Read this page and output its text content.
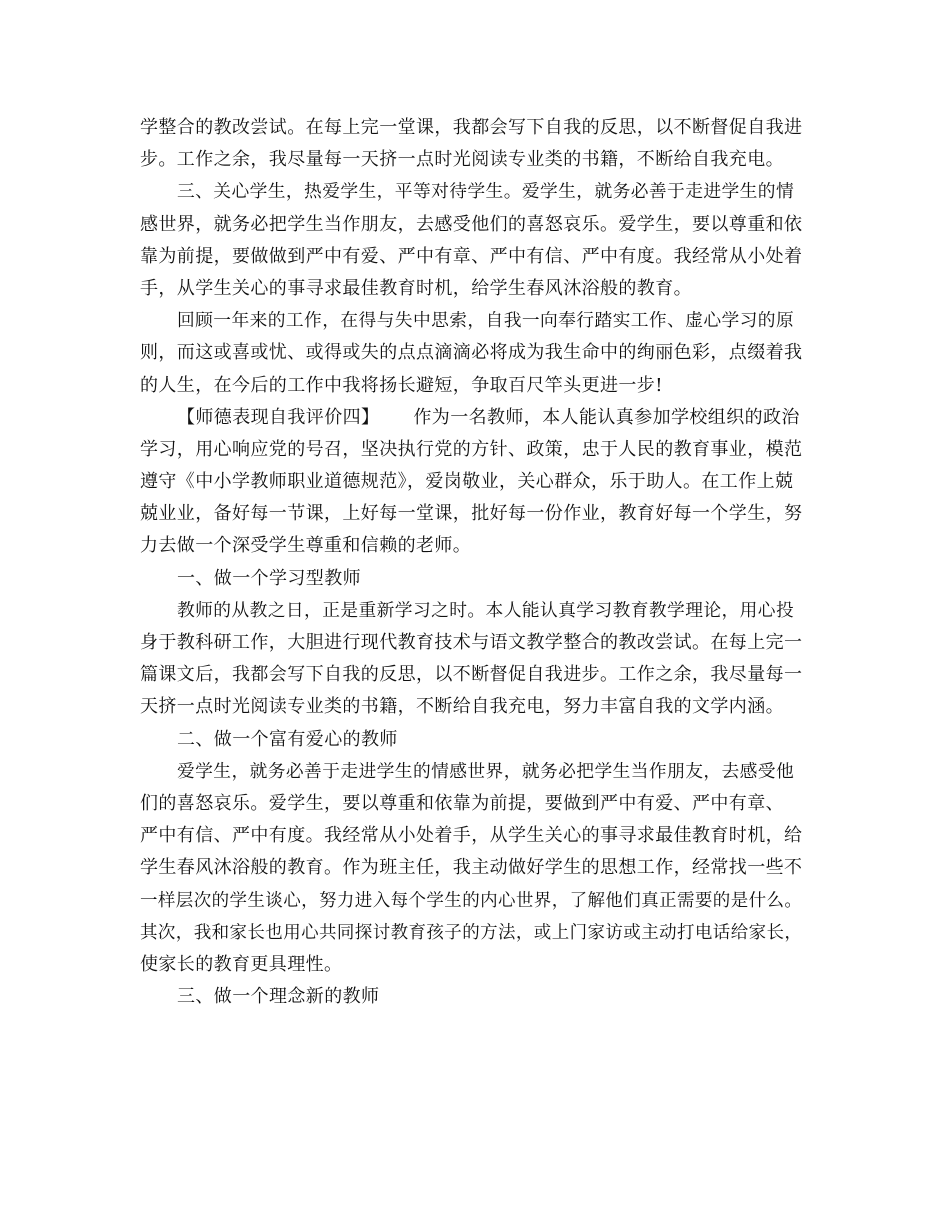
学整合的教改尝试。在每上完一堂课，我都会写下自我的反思，以不断督促自我进
步。工作之余，我尽量每一天挤一点时光阅读专业类的书籍，不断给自我充电。
三、关心学生，热爱学生，平等对待学生。爱学生，就务必善于走进学生的情
感世界，就务必把学生当作朋友，去感受他们的喜怒哀乐。爱学生，要以尊重和依
靠为前提，要做做到严中有爱、严中有章、严中有信、严中有度。我经常从小处着
手，从学生关心的事寻求最佳教育时机，给学生春风沐浴般的教育。
回顾一年来的工作，在得与失中思索，自我一向奉行踏实工作、虚心学习的原
则，而这或喜或忧、或得或失的点点滴滴必将成为我生命中的绚丽色彩，点缀着我
的人生，在今后的工作中我将扬长避短，争取百尺竿头更进一步!
【师德表现自我评价四】 作为一名教师，本人能认真参加学校组织的政治
学习，用心响应党的号召，坚决执行党的方针、政策，忠于人民的教育事业，模范
遵守《中小学教师职业道德规范》，爱岗敬业，关心群众，乐于助人。在工作上兢
兢业业，备好每一节课，上好每一堂课，批好每一份作业，教育好每一个学生，努
力去做一个深受学生尊重和信赖的老师。
一、做一个学习型教师
教师的从教之日，正是重新学习之时。本人能认真学习教育教学理论，用心投
身于教科研工作，大胆进行现代教育技术与语文教学整合的教改尝试。在每上完一
篇课文后，我都会写下自我的反思，以不断督促自我进步。工作之余，我尽量每一
天挤一点时光阅读专业类的书籍，不断给自我充电，努力丰富自我的文学内涵。
二、做一个富有爱心的教师
爱学生，就务必善于走进学生的情感世界，就务必把学生当作朋友，去感受他
们的喜怒哀乐。爱学生，要以尊重和依靠为前提，要做到严中有爱、严中有章、
严中有信、严中有度。我经常从小处着手，从学生关心的事寻求最佳教育时机，给
学生春风沐浴般的教育。作为班主任，我主动做好学生的思想工作，经常找一些不
一样层次的学生谈心，努力进入每个学生的内心世界，了解他们真正需要的是什么。
其次，我和家长也用心共同探讨教育孩子的方法，或上门家访或主动打电话给家长，
使家长的教育更具理性。
三、做一个理念新的教师
